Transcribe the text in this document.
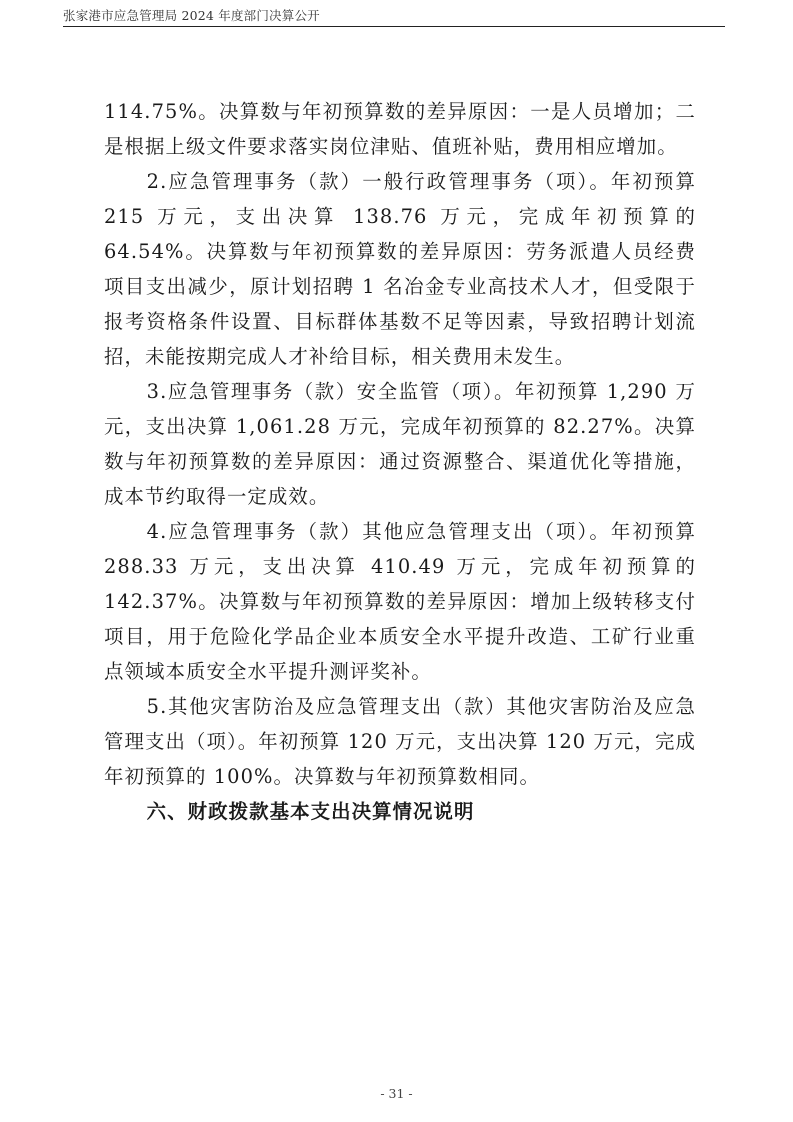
张家港市应急管理局 2024 年度部门决算公开

114.75%。决算数与年初预算数的差异原因：一是人员增加；二是根据上级文件要求落实岗位津贴、值班补贴，费用相应增加。

2.应急管理事务（款）一般行政管理事务（项）。年初预算 215 万元，支出决算 138.76 万元，完成年初预算的 64.54%。决算数与年初预算数的差异原因：劳务派遣人员经费项目支出减少，原计划招聘 1 名冶金专业高技术人才，但受限于报考资格条件设置、目标群体基数不足等因素，导致招聘计划流招，未能按期完成人才补给目标，相关费用未发生。

3.应急管理事务（款）安全监管（项）。年初预算 1,290 万元，支出决算 1,061.28 万元，完成年初预算的 82.27%。决算数与年初预算数的差异原因：通过资源整合、渠道优化等措施，成本节约取得一定成效。

4.应急管理事务（款）其他应急管理支出（项）。年初预算 288.33 万元，支出决算 410.49 万元，完成年初预算的 142.37%。决算数与年初预算数的差异原因：增加上级转移支付项目，用于危险化学品企业本质安全水平提升改造、工矿行业重点领域本质安全水平提升测评奖补。

5.其他灾害防治及应急管理支出（款）其他灾害防治及应急管理支出（项）。年初预算 120 万元，支出决算 120 万元，完成年初预算的 100%。决算数与年初预算数相同。

六、财政拨款基本支出决算情况说明

- 31 -
